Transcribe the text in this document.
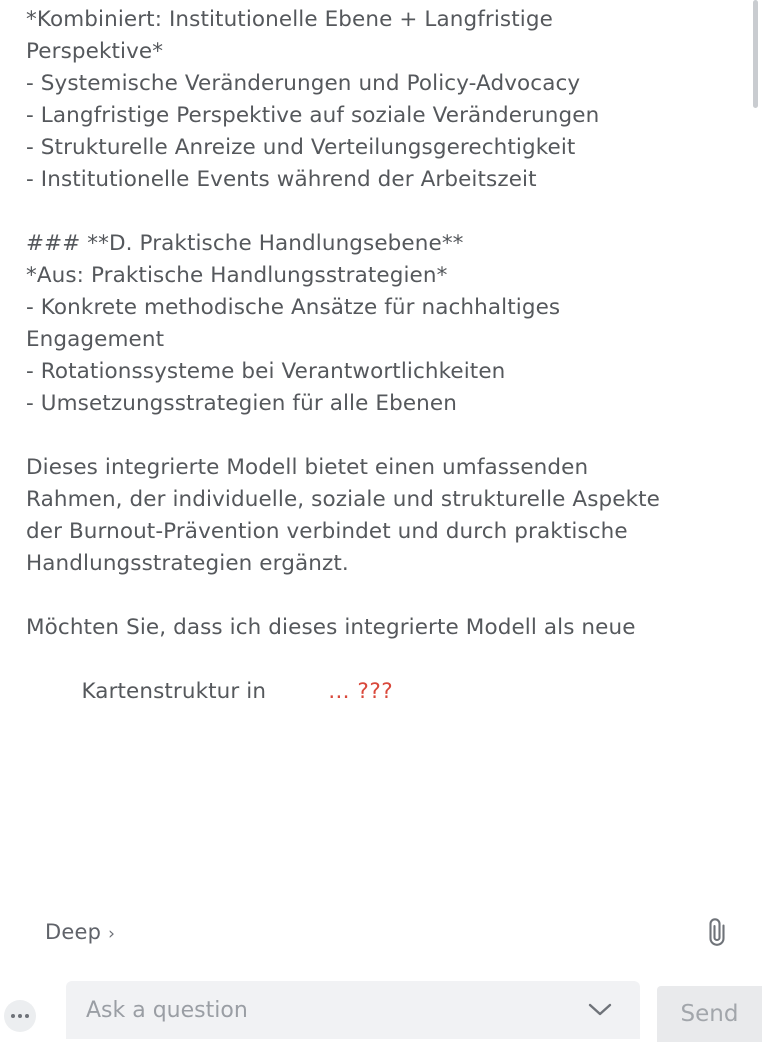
*Kombiniert: Institutionelle Ebene + Langfristige
Perspektive*
- Systemische Veränderungen und Policy-Advocacy
- Langfristige Perspektive auf soziale Veränderungen
- Strukturelle Anreize und Verteilungsgerechtigkeit
- Institutionelle Events während der Arbeitszeit
### **D. Praktische Handlungsebene**
*Aus: Praktische Handlungsstrategien*
- Konkrete methodische Ansätze für nachhaltiges
Engagement
- Rotationssysteme bei Verantwortlichkeiten
- Umsetzungsstrategien für alle Ebenen
Dieses integrierte Modell bietet einen umfassenden
Rahmen, der individuelle, soziale und strukturelle Aspekte
der Burnout-Prävention verbindet und durch praktische
Handlungsstrategien ergänzt.
Möchten Sie, dass ich dieses integrierte Modell als neue

Kartenstruktur in	… ???

Deep ›
Ask a question
Send
